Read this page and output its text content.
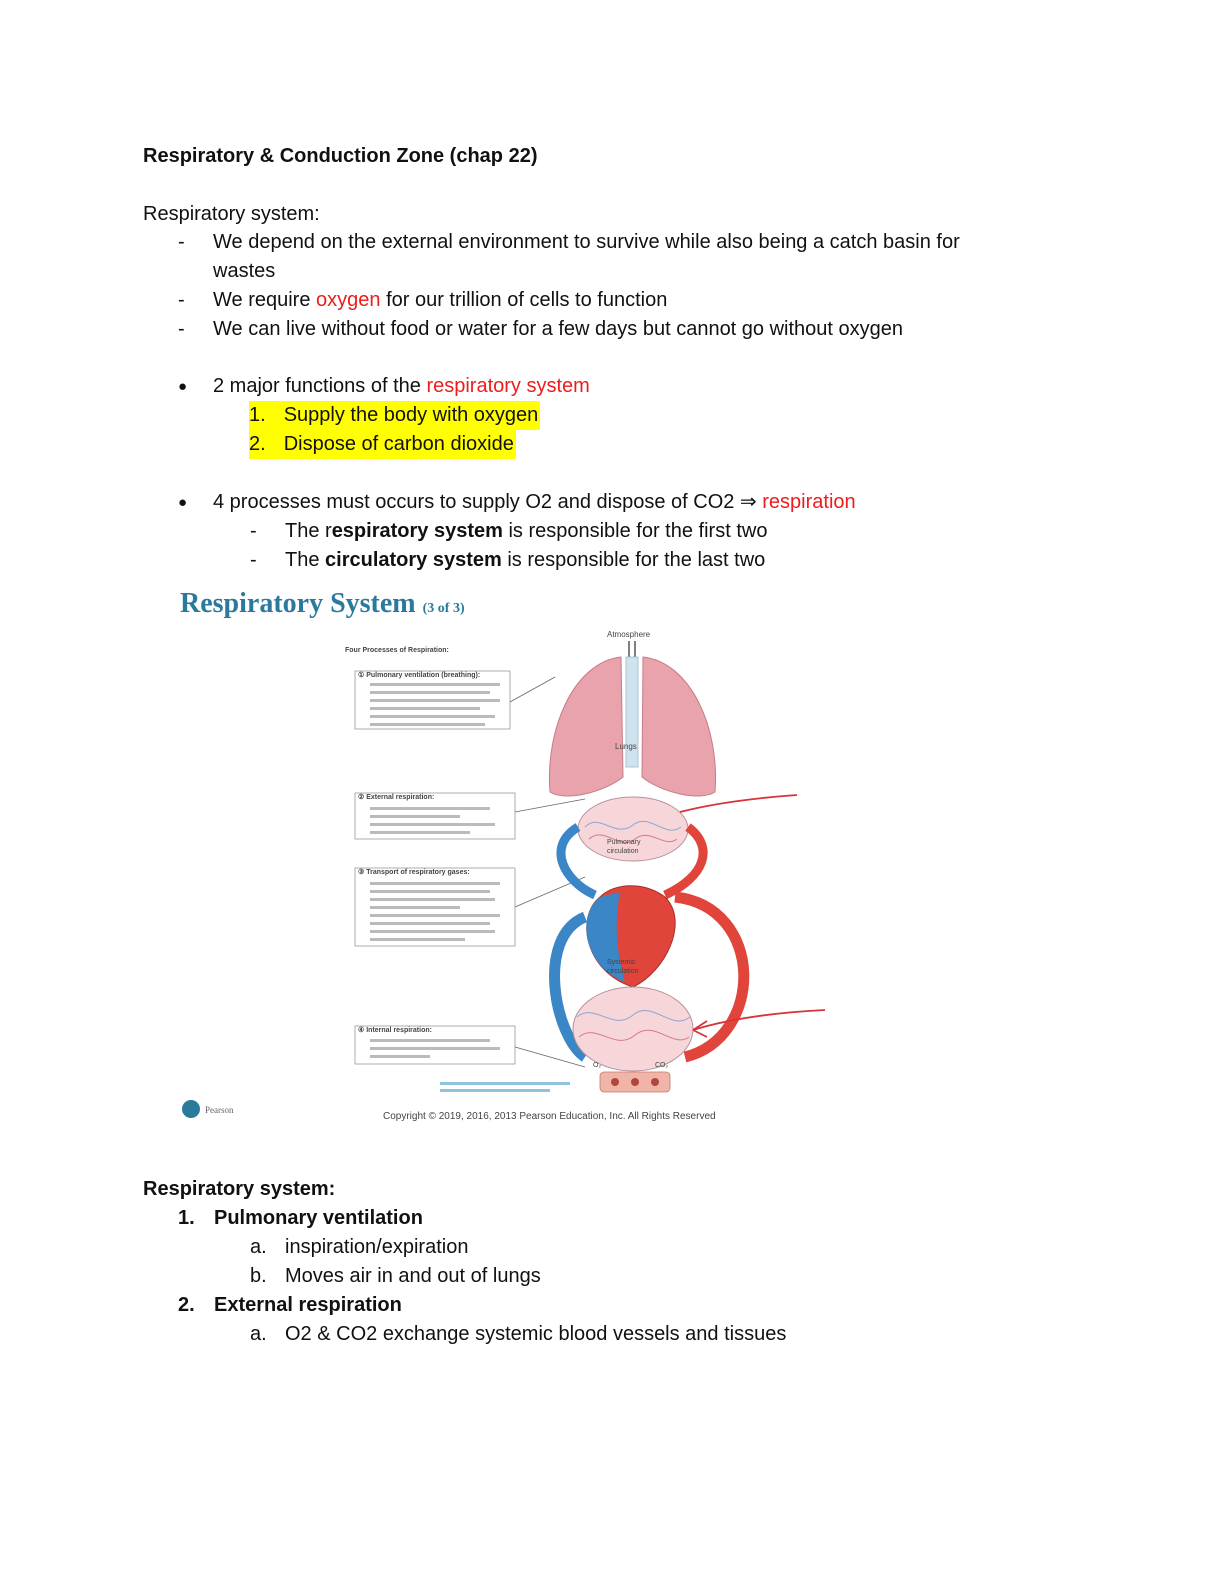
Respiratory & Conduction Zone (chap 22)
Respiratory system:
- We depend on the external environment to survive while also being a catch basin for
wastes
- We require oxygen for our trillion of cells to function
- We can live without food or water for a few days but cannot go without oxygen
● 2 major functions of the respiratory system
1. Supply the body with oxygen
2. Dispose of carbon dioxide
● 4 processes must occurs to supply O2 and dispose of CO2 ⇒ respiration
- The respiratory system is responsible for the first two
- The circulatory system is responsible for the last two
Respiratory System (3 of 3)
Four Processes of Respiration:
① Pulmonary ventilation (breathing):
② External respiration:
③ Transport of respiratory gases:
④ Internal respiration:
Atmosphere
Lungs
Pulmonary
circulation
Systemic
circulation
O₂	CO₂
Pearson
Copyright © 2019, 2016, 2013 Pearson Education, Inc. All Rights Reserved
Respiratory system:
1. Pulmonary ventilation
a. inspiration/expiration
b. Moves air in and out of lungs
2. External respiration
a. O2 & CO2 exchange systemic blood vessels and tissues
